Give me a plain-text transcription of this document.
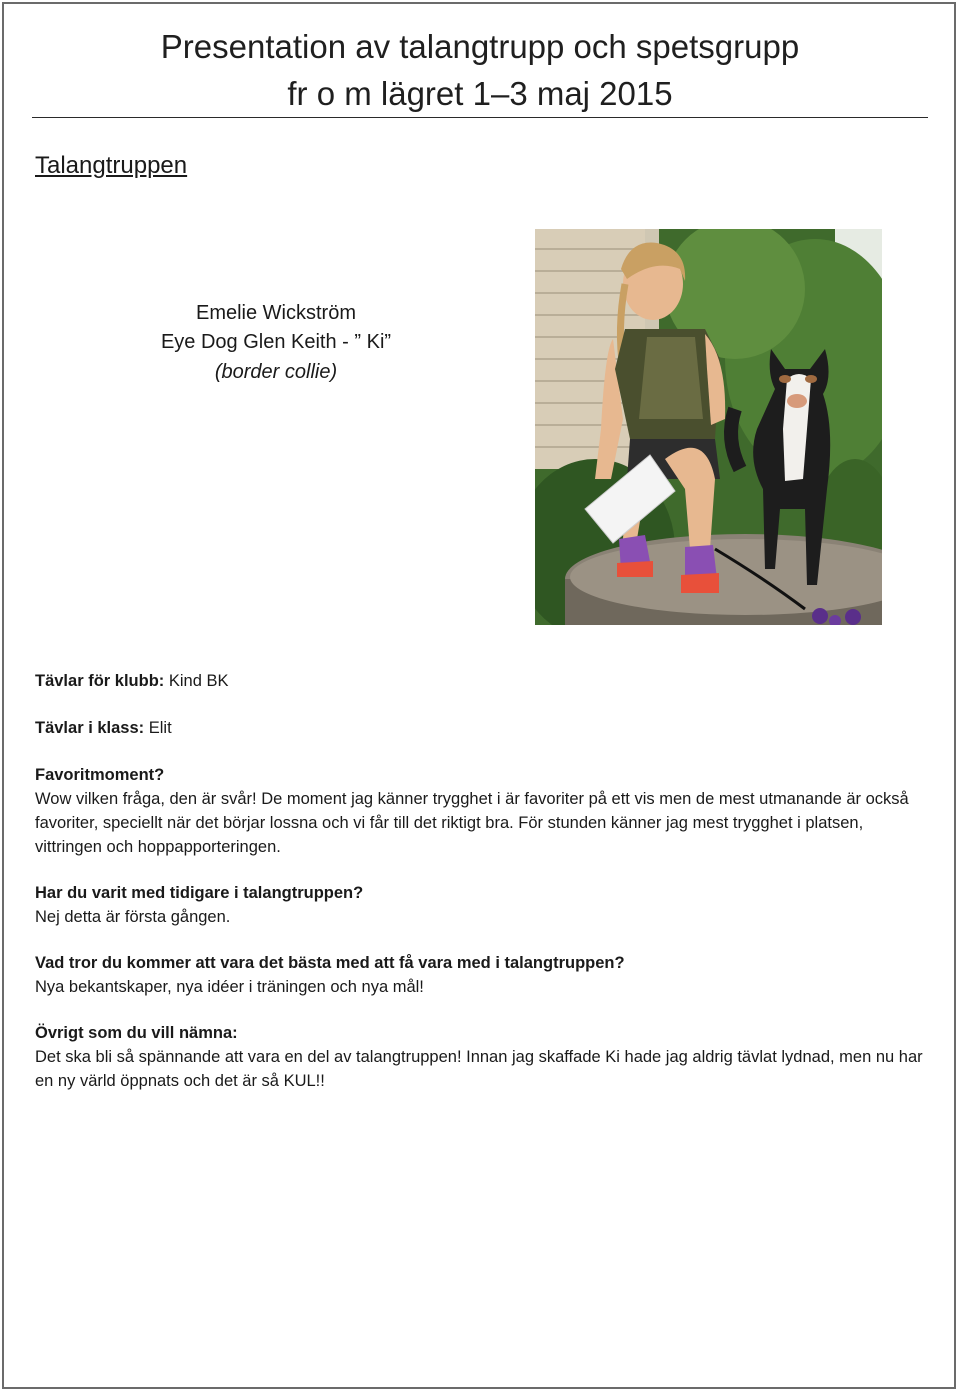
Presentation av talangtrupp och spetsgrupp
fr o m lägret 1–3 maj 2015
Talangtruppen
Emelie Wickström
Eye Dog Glen Keith - ” Ki”
(border collie)
Tävlar för klubb: Kind BK
Tävlar i klass: Elit

Favoritmoment?

Wow vilken fråga, den är svår! De moment jag känner trygghet i är favoriter på ett vis men de mest utmanande är också favoriter, speciellt när det börjar lossna och vi får till det riktigt bra. För stunden känner jag mest trygghet i platsen, vittringen och hoppapporteringen.

Har du varit med tidigare i talangtruppen?

Nej detta är första gången.

Vad tror du kommer att vara det bästa med att få vara med i talangtruppen?

Nya bekantskaper, nya idéer i träningen och nya mål!

Övrigt som du vill nämna:

Det ska bli så spännande att vara en del av talangtruppen! Innan jag skaffade Ki hade jag aldrig tävlat lydnad, men nu har en ny värld öppnats och det är så KUL!!
